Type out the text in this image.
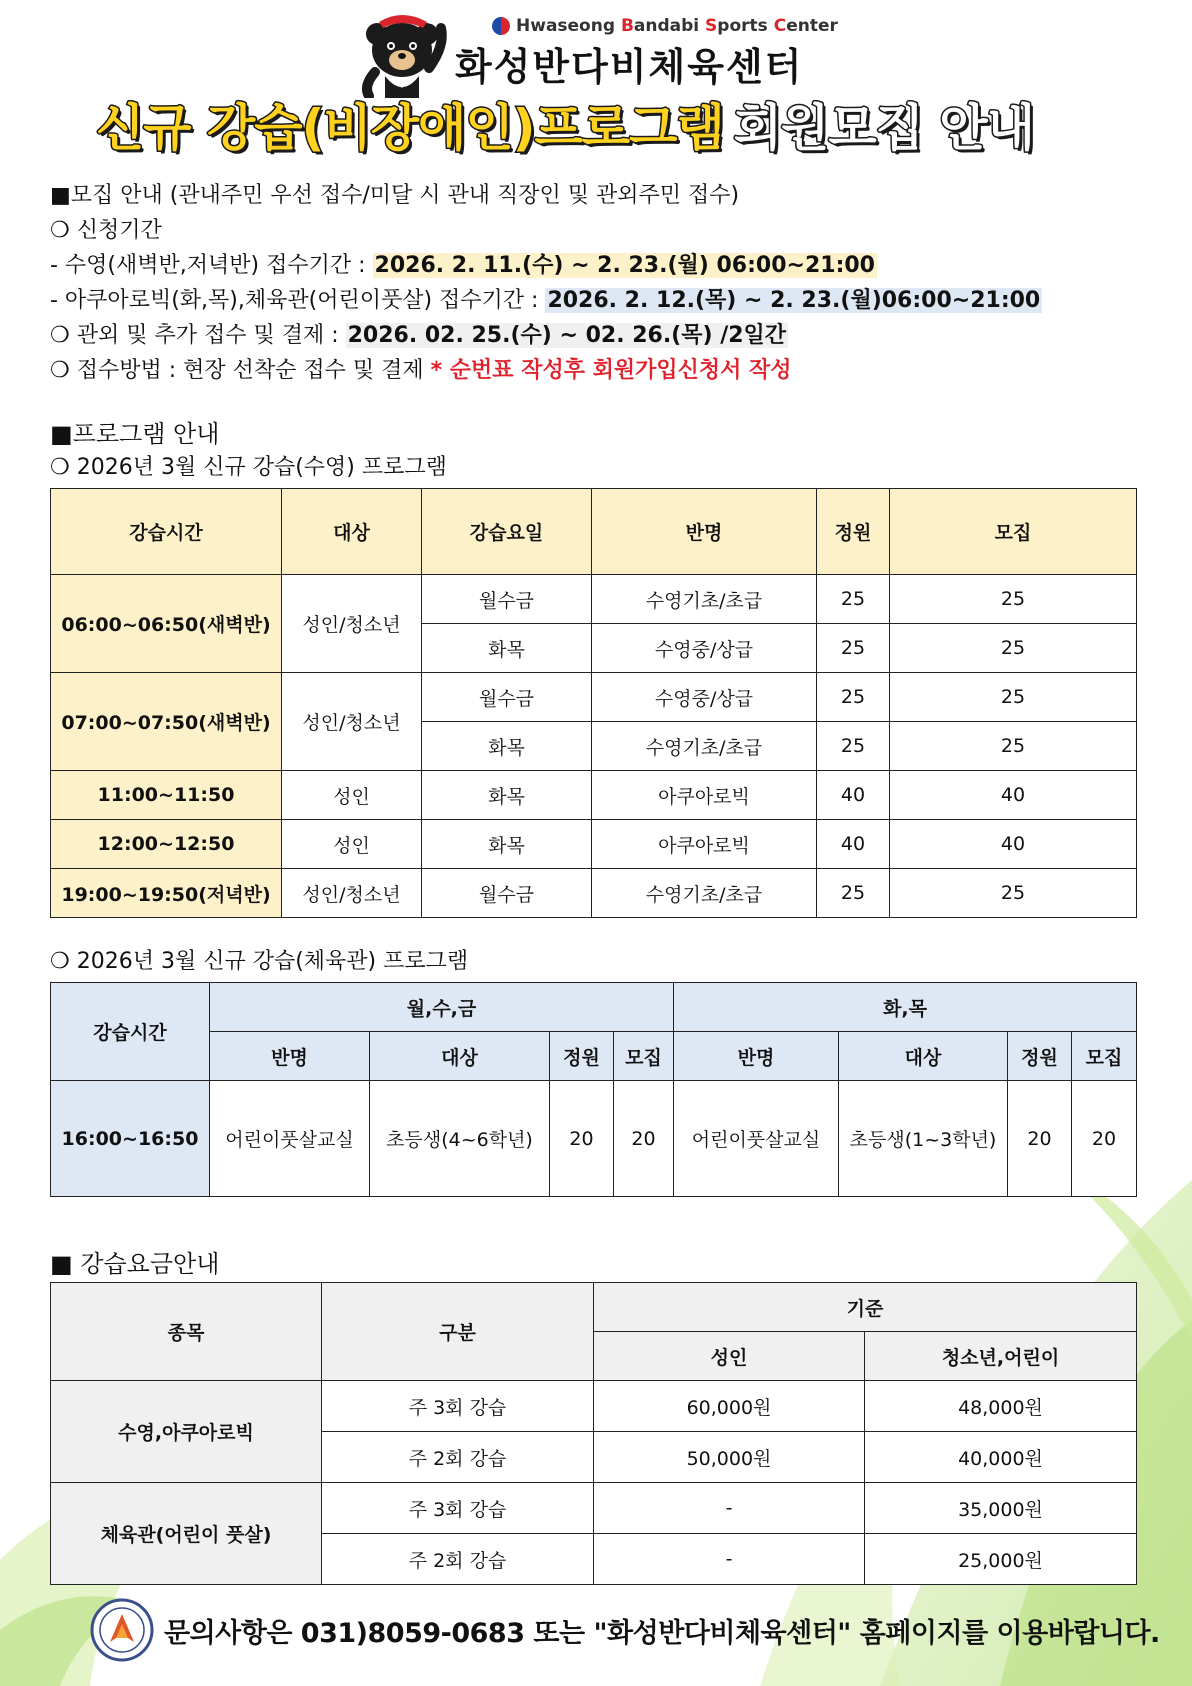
Hwaseong Bandabi Sports Center
화성반다비체육센터
신규 강습(비장애인)프로그램 회원모집 안내
■모집 안내 (관내주민 우선 접수/미달 시 관내 직장인 및 관외주민 접수)
❍ 신청기간
- 수영(새벽반,저녁반) 접수기간 : 2026. 2. 11.(수) ~ 2. 23.(월) 06:00~21:00
- 아쿠아로빅(화,목),체육관(어린이풋살) 접수기간 : 2026. 2. 12.(목) ~ 2. 23.(월)06:00~21:00
❍ 관외 및 추가 접수 및 결제 : 2026. 02. 25.(수) ~ 02. 26.(목) /2일간
❍ 접수방법 : 현장 선착순 접수 및 결제 * 순번표 작성후 회원가입신청서 작성
■프로그램 안내
❍ 2026년 3월 신규 강습(수영) 프로그램
강습시간	대상	강습요일	반명	정원	모집
06:00~06:50(새벽반)	성인/청소년	월수금	수영기초/초급	25	25
		화목	수영중/상급	25	25
07:00~07:50(새벽반)	성인/청소년	월수금	수영중/상급	25	25
		화목	수영기초/초급	25	25
11:00~11:50	성인	화목	아쿠아로빅	40	40
12:00~12:50	성인	화목	아쿠아로빅	40	40
19:00~19:50(저녁반)	성인/청소년	월수금	수영기초/초급	25	25
❍ 2026년 3월 신규 강습(체육관) 프로그램
강습시간	월,수,금				화,목			
	반명	대상	정원	모집	반명	대상	정원	모집
16:00~16:50	어린이풋살교실	초등생(4~6학년)	20	20	어린이풋살교실	초등생(1~3학년)	20	20
■ 강습요금안내
종목	구분	기준	
		성인	청소년,어린이
수영,아쿠아로빅	주 3회 강습	60,000원	48,000원
	주 2회 강습	50,000원	40,000원
체육관(어린이 풋살)	주 3회 강습	-	35,000원
	주 2회 강습	-	25,000원
문의사항은 031)8059-0683 또는 "화성반다비체육센터" 홈페이지를 이용바랍니다.
